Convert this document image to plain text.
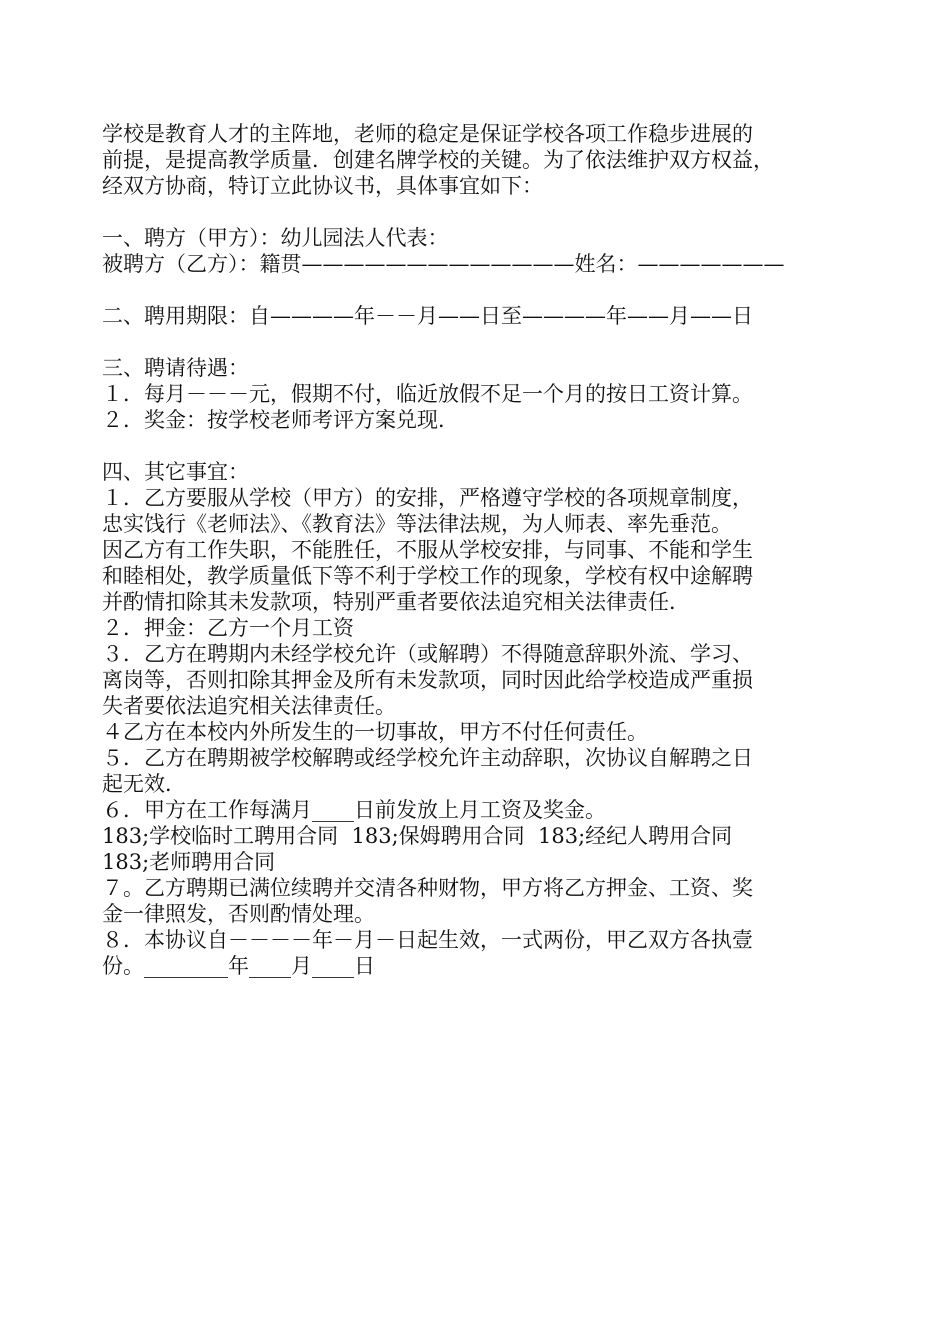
学校是教育人才的主阵地，老师的稳定是保证学校各项工作稳步进展的
前提，是提高教学质量．创建名牌学校的关键。为了依法维护双方权益，
经双方协商，特订立此协议书，具体事宜如下：
一、聘方（甲方）：幼儿园法人代表：
被聘方（乙方）：籍贯—————————————姓名：———————
二、聘用期限：自————年－－月——日至————年——月——日
三、聘请待遇：
１．每月－－－元，假期不付，临近放假不足一个月的按日工资计算。
２．奖金：按学校老师考评方案兑现．
四、其它事宜：
１．乙方要服从学校（甲方）的安排，严格遵守学校的各项规章制度，
忠实饯行《老师法》、《教育法》等法律法规，为人师表、率先垂范。
因乙方有工作失职，不能胜任，不服从学校安排，与同事、不能和学生
和睦相处，教学质量低下等不利于学校工作的现象，学校有权中途解聘
并酌情扣除其未发款项，特别严重者要依法追究相关法律责任．
２．押金：乙方一个月工资
３．乙方在聘期内未经学校允许（或解聘）不得随意辞职外流、学习、
离岗等，否则扣除其押金及所有未发款项，同时因此给学校造成严重损
失者要依法追究相关法律责任。
４乙方在本校内外所发生的一切事故，甲方不付任何责任。
５．乙方在聘期被学校解聘或经学校允许主动辞职，次协议自解聘之日
起无效．
６．甲方在工作每满月____日前发放上月工资及奖金。
183;学校临时工聘用合同  183;保姆聘用合同  183;经纪人聘用合同
183;老师聘用合同
７。乙方聘期已满位续聘并交清各种财物，甲方将乙方押金、工资、奖
金一律照发，否则酌情处理。
８．本协议自－－－－年－月－日起生效，一式两份，甲乙双方各执壹
份。________年____月____日
